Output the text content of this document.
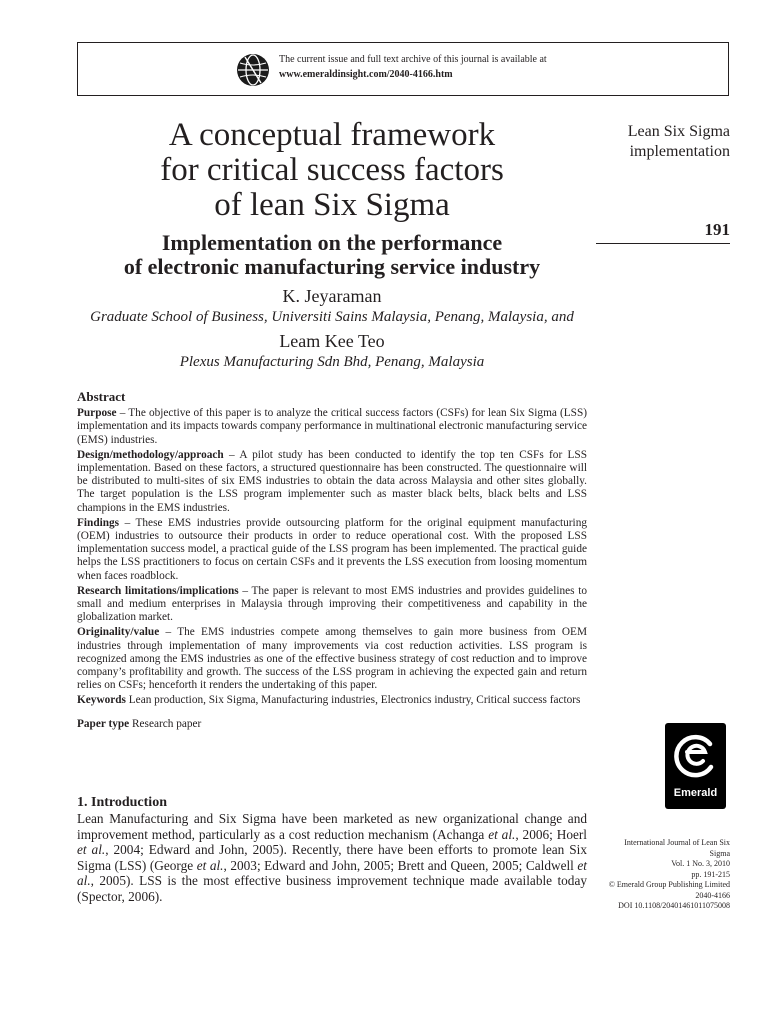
The current issue and full text archive of this journal is available at
www.emeraldinsight.com/2040-4166.htm
A conceptual framework
for critical success factors
of lean Six Sigma
Implementation on the performance
of electronic manufacturing service industry
K. Jeyaraman
Graduate School of Business, Universiti Sains Malaysia, Penang, Malaysia, and
Leam Kee Teo
Plexus Manufacturing Sdn Bhd, Penang, Malaysia
Lean Six Sigma
implementation
191
Abstract

Purpose – The objective of this paper is to analyze the critical success factors (CSFs) for lean Six Sigma (LSS) implementation and its impacts towards company performance in multinational electronic manufacturing service (EMS) industries.

Design/methodology/approach – A pilot study has been conducted to identify the top ten CSFs for LSS implementation. Based on these factors, a structured questionnaire has been constructed. The questionnaire will be distributed to multi-sites of six EMS industries to obtain the data across Malaysia and other sites globally. The target population is the LSS program implementer such as master black belts, black belts and LSS champions in the EMS industries.

Findings – These EMS industries provide outsourcing platform for the original equipment manufacturing (OEM) industries to outsource their products in order to reduce operational cost. With the proposed LSS implementation success model, a practical guide of the LSS program has been implemented. The practical guide helps the LSS practitioners to focus on certain CSFs and it prevents the LSS execution from loosing momentum when faces roadblock.

Research limitations/implications – The paper is relevant to most EMS industries and provides guidelines to small and medium enterprises in Malaysia through improving their competitiveness and capability in the globalization market.

Originality/value – The EMS industries compete among themselves to gain more business from OEM industries through implementation of many improvements via cost reduction activities. LSS program is recognized among the EMS industries as one of the effective business strategy of cost reduction and to improve company’s profitability and growth. The success of the LSS program in achieving the expected gain and return relies on CSFs; henceforth it renders the undertaking of this paper.

Keywords Lean production, Six Sigma, Manufacturing industries, Electronics industry, Critical success factors

Paper type Research paper

1. Introduction
Lean Manufacturing and Six Sigma have been marketed as new organizational change and improvement method, particularly as a cost reduction mechanism (Achanga et al., 2006; Hoerl et al., 2004; Edward and John, 2005). Recently, there have been efforts to promote lean Six Sigma (LSS) (George et al., 2003; Edward and John, 2005; Brett and Queen, 2005; Caldwell et al., 2005). LSS is the most effective business improvement technique made available today (Spector, 2006).
Emerald
International Journal of Lean Six
Sigma
Vol. 1 No. 3, 2010
pp. 191-215
© Emerald Group Publishing Limited
2040-4166
DOI 10.1108/20401461011075008
